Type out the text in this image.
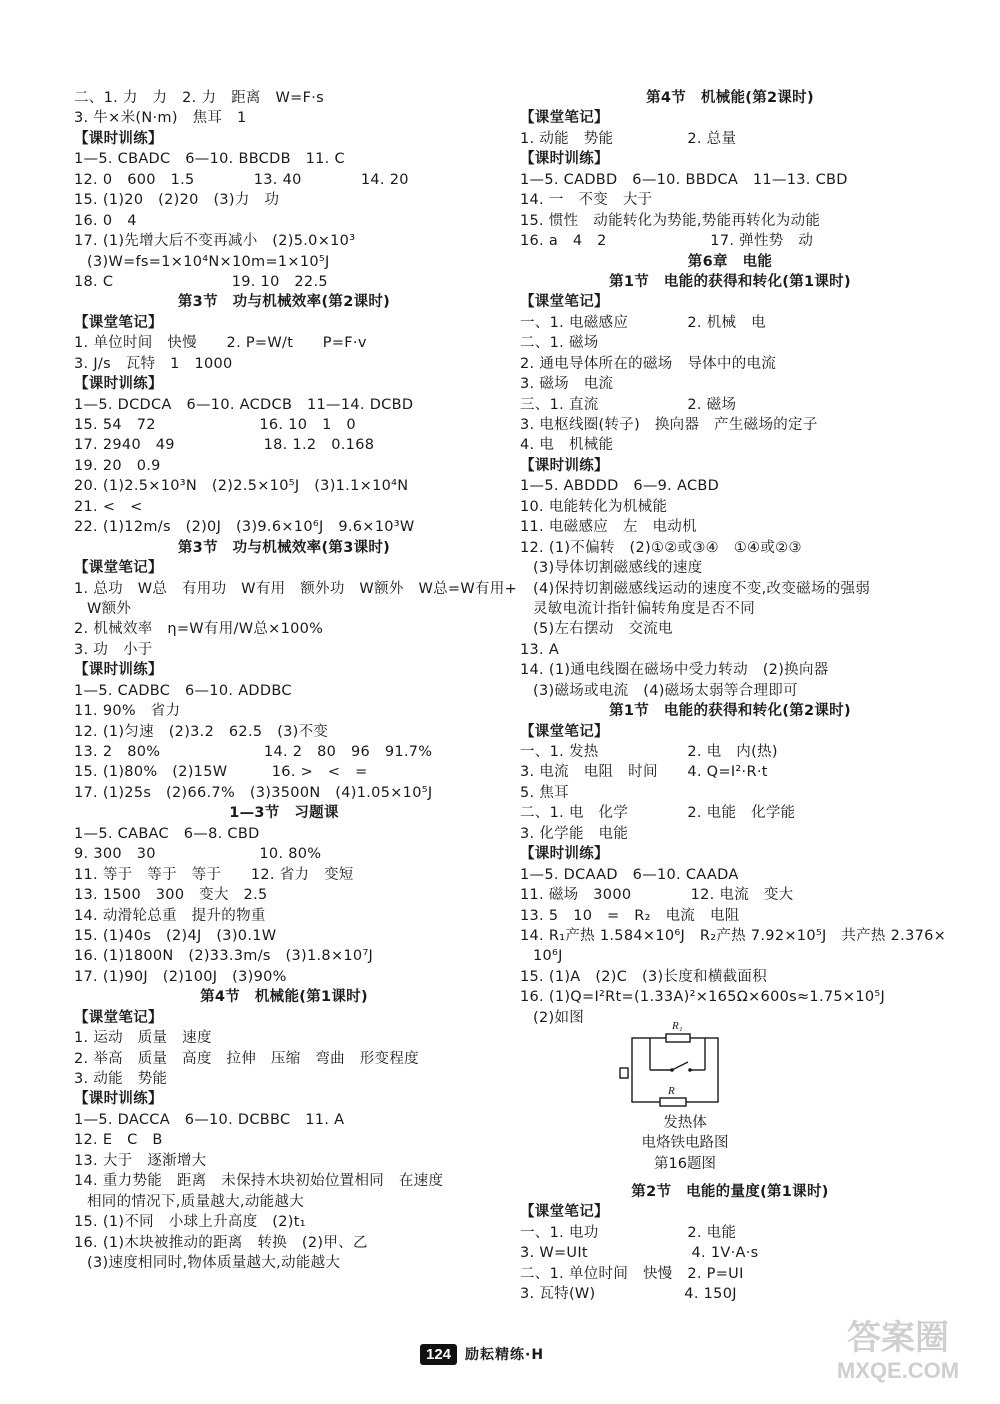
二、1. 力　力　2. 力　距离　W=F·s
3. 牛×米(N·m)　焦耳　1
【课时训练】
1—5. CBADC　6—10. BBCDB　11. C
12. 0　600　1.5　　　　13. 40　　　　14. 20
15. (1)20　(2)20　(3)力　功
16. 0　4
17. (1)先增大后不变再减小　(2)5.0×10³
(3)W=fs=1×10⁴N×10m=1×10⁵J
18. C　　　　　　　　19. 10　22.5
第3节　功与机械效率(第2课时)
【课堂笔记】
1. 单位时间　快慢　　2. P=W/t　　P=F·v
3. J/s　瓦特　1　1000
【课时训练】
1—5. DCDCA　6—10. ACDCB　11—14. DCBD
15. 54　72　　　　　　　16. 10　1　0
17. 2940　49　　　　　　18. 1.2　0.168
19. 20　0.9
20. (1)2.5×10³N　(2)2.5×10⁵J　(3)1.1×10⁴N
21. <　<
22. (1)12m/s　(2)0J　(3)9.6×10⁶J　9.6×10³W
第3节　功与机械效率(第3课时)
【课堂笔记】
1. 总功　W总　有用功　W有用　额外功　W额外　W总=W有用+
W额外
2. 机械效率　η=W有用/W总×100%
3. 功　小于
【课时训练】
1—5. CADBC　6—10. ADDBC
11. 90%　省力
12. (1)匀速　(2)3.2　62.5　(3)不变
13. 2　80%　　　　　　　14. 2　80　96　91.7%
15. (1)80%　(2)15W　　　16. >　<　=
17. (1)25s　(2)66.7%　(3)3500N　(4)1.05×10⁵J
1—3节　习题课
1—5. CABAC　6—8. CBD
9. 300　30　　　　　　　10. 80%
11. 等于　等于　等于　　12. 省力　变短
13. 1500　300　变大　2.5
14. 动滑轮总重　提升的物重
15. (1)40s　(2)4J　(3)0.1W
16. (1)1800N　(2)33.3m/s　(3)1.8×10⁷J
17. (1)90J　(2)100J　(3)90%
第4节　机械能(第1课时)
【课堂笔记】
1. 运动　质量　速度
2. 举高　质量　高度　拉伸　压缩　弯曲　形变程度
3. 动能　势能
【课时训练】
1—5. DACCA　6—10. DCBBC　11. A
12. E　C　B
13. 大于　逐渐增大
14. 重力势能　距离　未保持木块初始位置相同　在速度
相同的情况下,质量越大,动能越大
15. (1)不同　小球上升高度　(2)t₁
16. (1)木块被推动的距离　转换　(2)甲、乙
(3)速度相同时,物体质量越大,动能越大
第4节　机械能(第2课时)
【课堂笔记】
1. 动能　势能　　　　　2. 总量
【课时训练】
1—5. CADBD　6—10. BBDCA　11—13. CBD
14. 一　不变　大于
15. 惯性　动能转化为势能,势能再转化为动能
16. a　4　2　　　　　　　17. 弹性势　动
第6章　电能
第1节　电能的获得和转化(第1课时)
【课堂笔记】
一、1. 电磁感应　　　　2. 机械　电
二、1. 磁场
2. 通电导体所在的磁场　导体中的电流
3. 磁场　电流
三、1. 直流　　　　　　2. 磁场
3. 电枢线圈(转子)　换向器　产生磁场的定子
4. 电　机械能
【课时训练】
1—5. ABDDD　6—9. ACBD
10. 电能转化为机械能
11. 电磁感应　左　电动机
12. (1)不偏转　(2)①②或③④　①④或②③
(3)导体切割磁感线的速度
(4)保持切割磁感线运动的速度不变,改变磁场的强弱
灵敏电流计指针偏转角度是否不同
(5)左右摆动　交流电
13. A
14. (1)通电线圈在磁场中受力转动　(2)换向器
(3)磁场或电流　(4)磁场太弱等合理即可
第1节　电能的获得和转化(第2课时)
【课堂笔记】
一、1. 发热　　　　　　2. 电　内(热)
3. 电流　电阻　时间　　4. Q=I²·R·t
5. 焦耳
二、1. 电　化学　　　　2. 电能　化学能
3. 化学能　电能
【课时训练】
1—5. DCAAD　6—10. CAADA
11. 磁场　3000　　　　12. 电流　变大
13. 5　10　=　R₂　电流　电阻
14. R₁产热 1.584×10⁶J　R₂产热 7.92×10⁵J　共产热 2.376×
10⁶J
15. (1)A　(2)C　(3)长度和横截面积
16. (1)Q=I²Rt=(1.33A)²×165Ω×600s≈1.75×10⁵J
(2)如图
R₁
R
发热体
电烙铁电路图
第16题图
第2节　电能的量度(第1课时)
【课堂笔记】
一、1. 电功　　　　　　2. 电能
3. W=UIt　　　　　　　4. 1V·A·s
二、1. 单位时间　快慢　2. P=UI
3. 瓦特(W)　　　　　　4. 150J
124	励耘精练·H	答案圈
MXQE.COM
